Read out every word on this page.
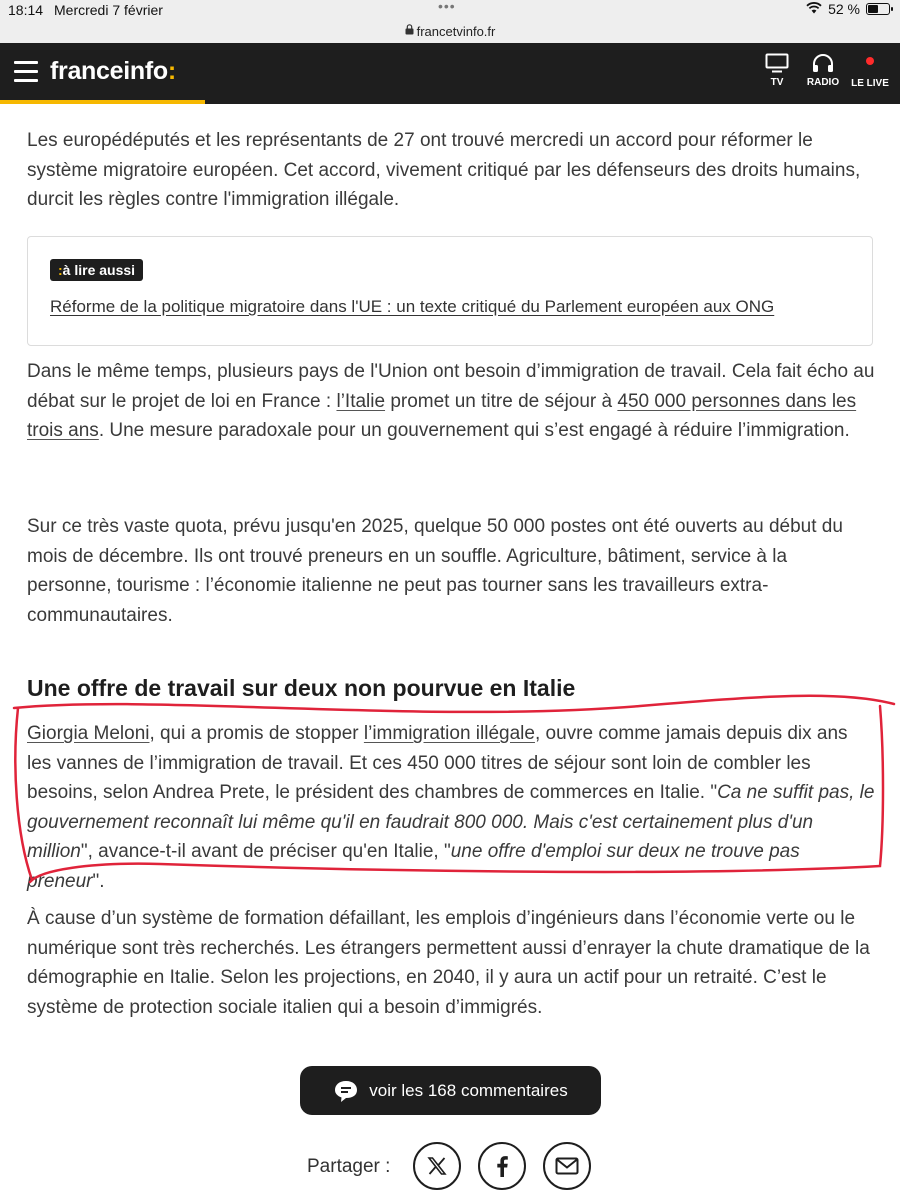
18:14 Mercredi 7 février	•••	52 %
francetvinfo.fr
franceinfo:	TV	RADIO	LE LIVE

Les europédéputés et les représentants de 27 ont trouvé mercredi un accord pour réformer le système migratoire européen. Cet accord, vivement critiqué par les défenseurs des droits humains, durcit les règles contre l'immigration illégale.

:à lire aussi
Réforme de la politique migratoire dans l'UE : un texte critiqué du Parlement européen aux ONG

Dans le même temps, plusieurs pays de l'Union ont besoin d’immigration de travail. Cela fait écho au débat sur le projet de loi en France : l’Italie promet un titre de séjour à 450 000 personnes dans les trois ans. Une mesure paradoxale pour un gouvernement qui s’est engagé à réduire l’immigration.

Sur ce très vaste quota, prévu jusqu'en 2025, quelque 50 000 postes ont été ouverts au début du mois de décembre. Ils ont trouvé preneurs en un souffle. Agriculture, bâtiment, service à la personne, tourisme : l’économie italienne ne peut pas tourner sans les travailleurs extra-communautaires.

Une offre de travail sur deux non pourvue en Italie

Giorgia Meloni, qui a promis de stopper l’immigration illégale, ouvre comme jamais depuis dix ans les vannes de l’immigration de travail. Et ces 450 000 titres de séjour sont loin de combler les besoins, selon Andrea Prete, le président des chambres de commerces en Italie. "Ca ne suffit pas, le gouvernement reconnaît lui même qu'il en faudrait 800 000. Mais c'est certainement plus d'un million", avance-t-il avant de préciser qu'en Italie, "une offre d'emploi sur deux ne trouve pas preneur".

À cause d’un système de formation défaillant, les emplois d’ingénieurs dans l’économie verte ou le numérique sont très recherchés. Les étrangers permettent aussi d’enrayer la chute dramatique de la démographie en Italie. Selon les projections, en 2040, il y aura un actif pour un retraité. C’est le système de protection sociale italien qui a besoin d’immigrés.

voir les 168 commentaires
Partager :
